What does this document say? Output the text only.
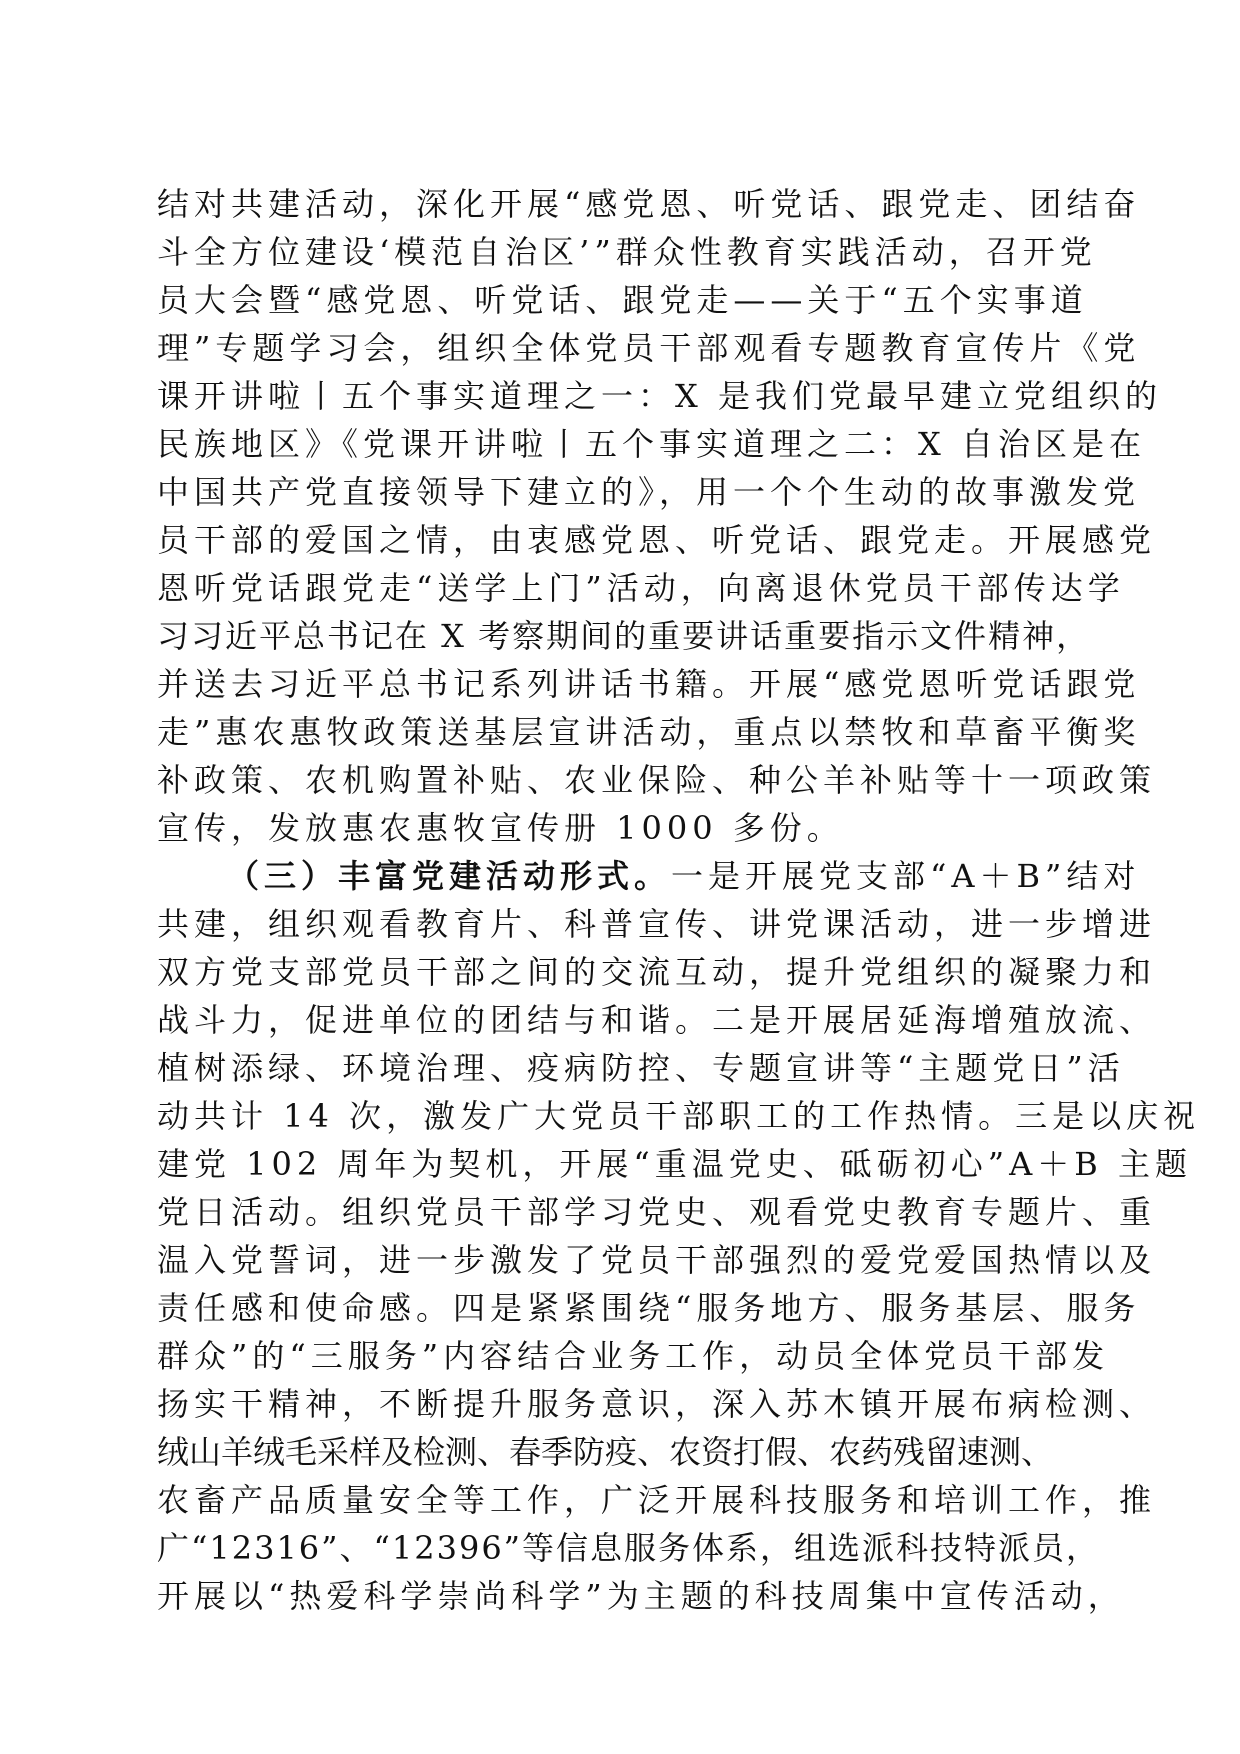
结对共建活动，深化开展“感党恩、听党话、跟党走、团结奋
斗全方位建设‘模范自治区’”群众性教育实践活动，召开党
员大会暨“感党恩、听党话、跟党走——关于“五个实事道
理”专题学习会，组织全体党员干部观看专题教育宣传片《党
课开讲啦丨五个事实道理之一：X 是我们党最早建立党组织的
民族地区》《党课开讲啦丨五个事实道理之二：X 自治区是在
中国共产党直接领导下建立的》，用一个个生动的故事激发党
员干部的爱国之情，由衷感党恩、听党话、跟党走。开展感党
恩听党话跟党走“送学上门”活动，向离退休党员干部传达学
习习近平总书记在 X 考察期间的重要讲话重要指示文件精神，
并送去习近平总书记系列讲话书籍。开展“感党恩听党话跟党
走”惠农惠牧政策送基层宣讲活动，重点以禁牧和草畜平衡奖
补政策、农机购置补贴、农业保险、种公羊补贴等十一项政策
宣传，发放惠农惠牧宣传册 1000 多份。
（三）丰富党建活动形式。一是开展党支部“A＋B”结对
共建，组织观看教育片、科普宣传、讲党课活动，进一步增进
双方党支部党员干部之间的交流互动，提升党组织的凝聚力和
战斗力，促进单位的团结与和谐。二是开展居延海增殖放流、
植树添绿、环境治理、疫病防控、专题宣讲等“主题党日”活
动共计 14 次，激发广大党员干部职工的工作热情。三是以庆祝
建党 102 周年为契机，开展“重温党史、砥砺初心”A＋B 主题
党日活动。组织党员干部学习党史、观看党史教育专题片、重
温入党誓词，进一步激发了党员干部强烈的爱党爱国热情以及
责任感和使命感。四是紧紧围绕“服务地方、服务基层、服务
群众”的“三服务”内容结合业务工作，动员全体党员干部发
扬实干精神，不断提升服务意识，深入苏木镇开展布病检测、
绒山羊绒毛采样及检测、春季防疫、农资打假、农药残留速测、
农畜产品质量安全等工作，广泛开展科技服务和培训工作，推
广“12316”、“12396”等信息服务体系，组选派科技特派员，
开展以“热爱科学崇尚科学”为主题的科技周集中宣传活动，
